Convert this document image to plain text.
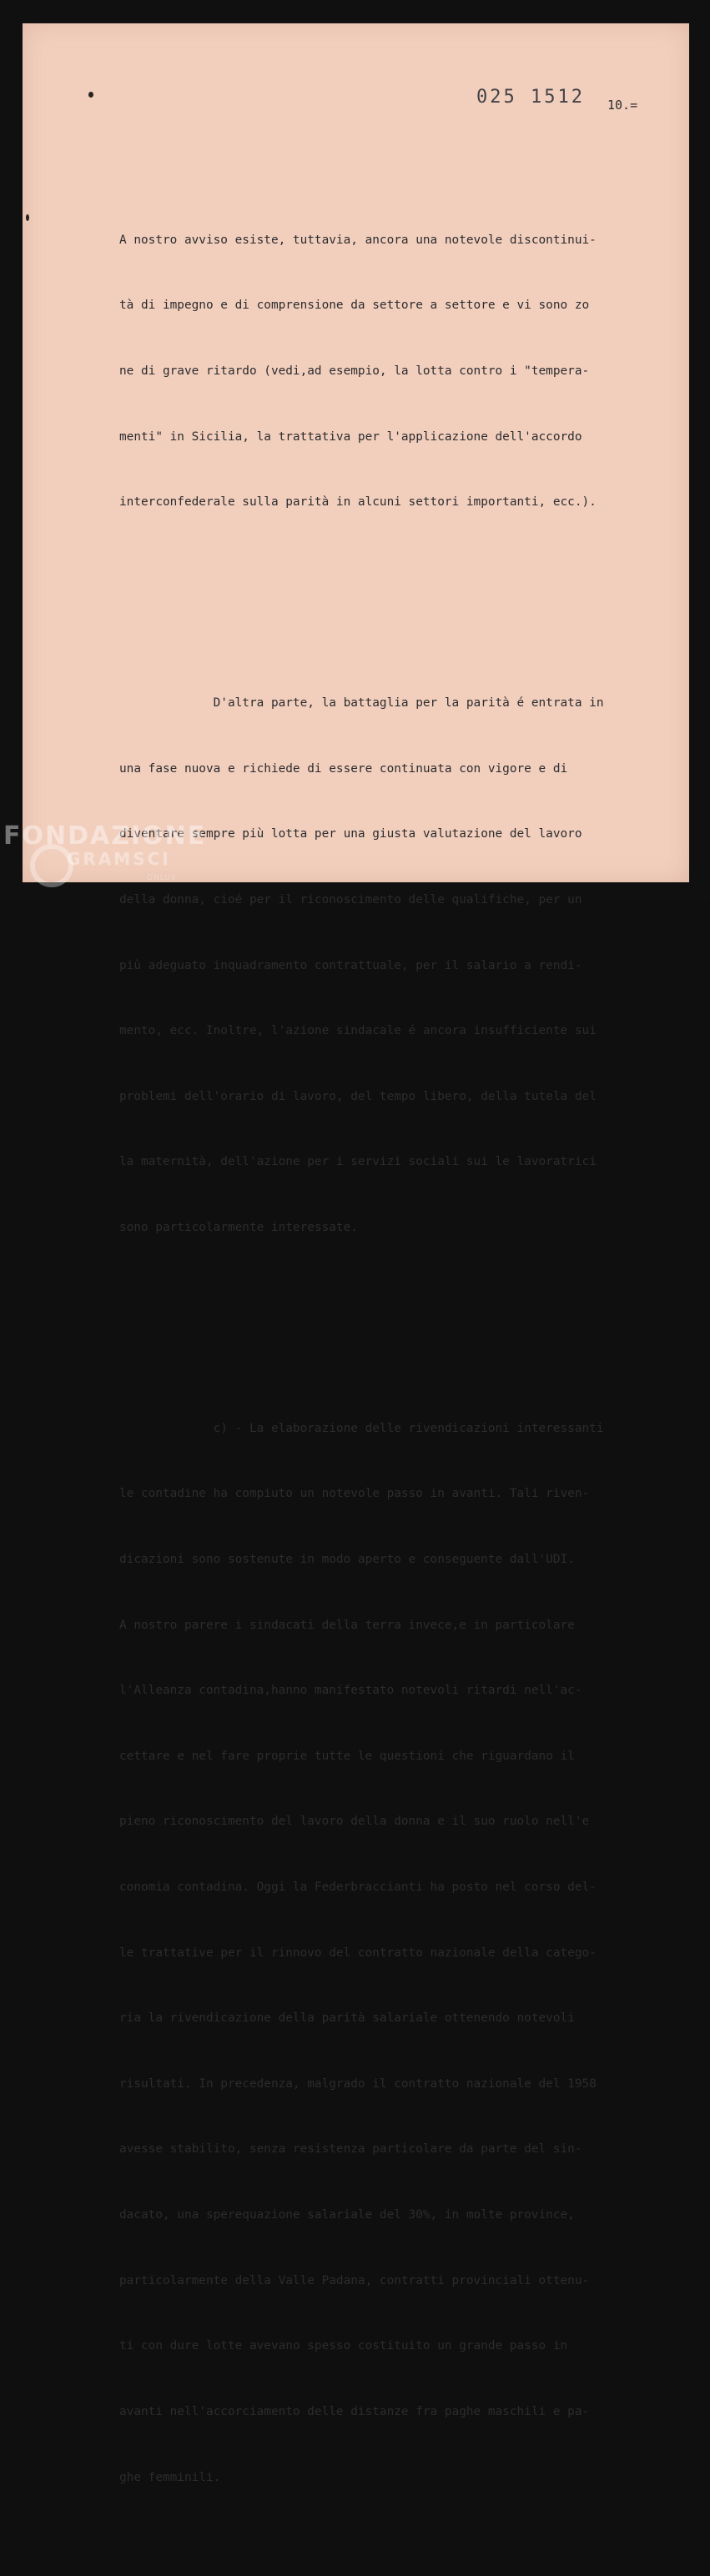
025 1512 10.=

A nostro avviso esiste, tuttavia, ancora una notevole discontinui-

tà di impegno e di comprensione da settore a settore e vi sono zo

ne di grave ritardo (vedi,ad esempio, la lotta contro i "tempera-

menti" in Sicilia, la trattativa per l'applicazione dell'accordo

interconfederale sulla parità in alcuni settori importanti, ecc.).

D'altra parte, la battaglia per la parità é entrata in

una fase nuova e richiede di essere continuata con vigore e di

diventare sempre più lotta per una giusta valutazione del lavoro

della donna, cioé per il riconoscimento delle qualifiche, per un

più adeguato inquadramento contrattuale, per il salario a rendi-

mento, ecc. Inoltre, l'azione sindacale é ancora insufficiente sui

problemi dell'orario di lavoro, del tempo libero, della tutela del

la maternità, dell'azione per i servizi sociali sui le lavoratrici

sono particolarmente interessate.

c) - La elaborazione delle rivendicazioni interessanti

le contadine ha compiuto un notevole passo in avanti. Tali riven-

dicazioni sono sostenute in modo aperto e conseguente dall'UDI.

A nostro parere i sindacati della terra invece,e in particolare

l'Alleanza contadina,hanno manifestato notevoli ritardi nell'ac-

cettare e nel fare proprie tutte le questioni che riguardano il

pieno riconoscimento del lavoro della donna e il suo ruolo nell'e

conomia contadina. Oggi la Federbraccianti ha posto nel corso del-

le trattative per il rinnovo del contratto nazionale della catego-

ria la rivendicazione della parità salariale ottenendo notevoli

risultati. In precedenza, malgrado il contratto nazionale del 1958

avesse stabilito, senza resistenza particolare da parte del sin-

dacato, una sperequazione salariale del 30%, in molte province,

particolarmente della Valle Padana, contratti provinciali ottenu-

ti con dure lotte avevano spesso costituito un grande passo in

avanti nell'accorciamento delle distanze fra paghe maschili e pa-

ghe femminili.

FONDAZIONE
GRAMSCI
ONLUS
